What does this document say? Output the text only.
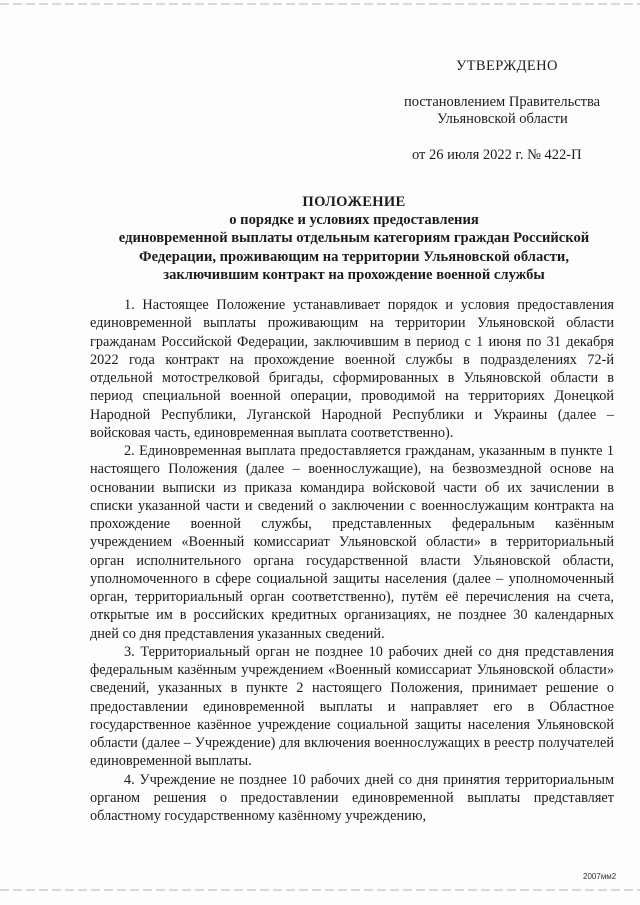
УТВЕРЖДЕНО
постановлением Правительства
Ульяновской области
от 26 июля 2022 г. № 422-П
ПОЛОЖЕНИЕ
о порядке и условиях предоставления
единовременной выплаты отдельным категориям граждан Российской
Федерации, проживающим на территории Ульяновской области,
заключившим контракт на прохождение военной службы

1. Настоящее Положение устанавливает порядок и условия предоставления единовременной выплаты проживающим на территории Ульяновской области гражданам Российской Федерации, заключившим в период с 1 июня по 31 декабря 2022 года контракт на прохождение военной службы в подразделениях 72-й отдельной мотострелковой бригады, сформированных в Ульяновской области в период специальной военной операции, проводимой на территориях Донецкой Народной Республики, Луганской Народной Республики и Украины (далее – войсковая часть, единовременная выплата соответственно).

2. Единовременная выплата предоставляется гражданам, указанным в пункте 1 настоящего Положения (далее – военнослужащие), на безвозмездной основе на основании выписки из приказа командира войсковой части об их зачислении в списки указанной части и сведений о заключении с военнослужащим контракта на прохождение военной службы, представленных федеральным казённым учреждением «Военный комиссариат Ульяновской области» в территориальный орган исполнительного органа государственной власти Ульяновской области, уполномоченного в сфере социальной защиты населения (далее – уполномоченный орган, территориальный орган соответственно), путём её перечисления на счета, открытые им в российских кредитных организациях, не позднее 30 календарных дней со дня представления указанных сведений.

3. Территориальный орган не позднее 10 рабочих дней со дня представления федеральным казённым учреждением «Военный комиссариат Ульяновской области» сведений, указанных в пункте 2 настоящего Положения, принимает решение о предоставлении единовременной выплаты и направляет его в Областное государственное казённое учреждение социальной защиты населения Ульяновской области (далее – Учреждение) для включения военнослужащих в реестр получателей единовременной выплаты.

4. Учреждение не позднее 10 рабочих дней со дня принятия территориальным органом решения о предоставлении единовременной выплаты представляет областному государственному казённому учреждению,

2007мм2
